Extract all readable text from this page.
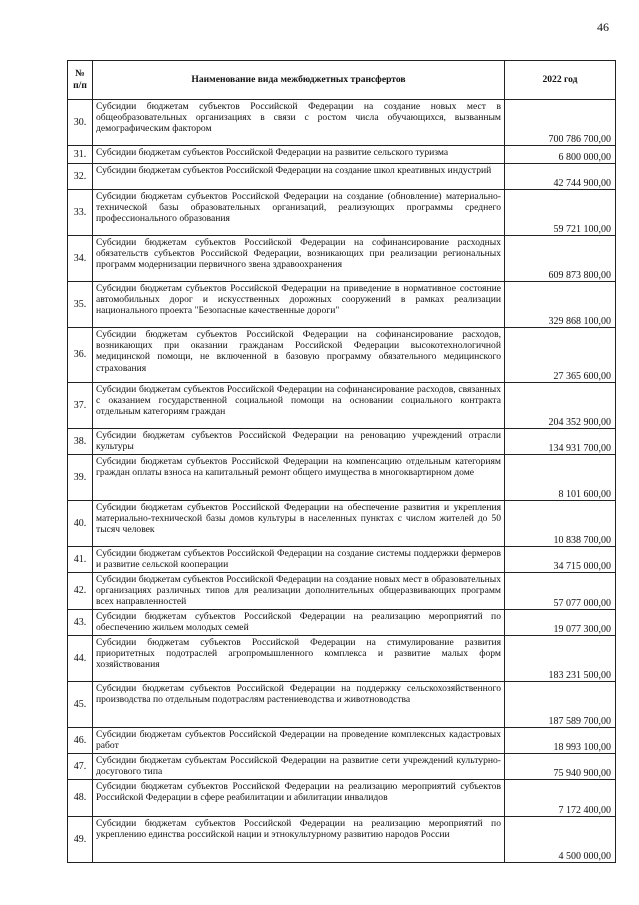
46
№ п/п	Наименование вида межбюджетных трансфертов	2022 год
30.	Субсидии бюджетам субъектов Российской Федерации на создание новых мест в общеобразовательных организациях в связи с ростом числа обучающихся, вызванным демографическим фактором	700 786 700,00
31.	Субсидии бюджетам субъектов Российской Федерации на развитие сельского туризма	6 800 000,00
32.	Субсидии бюджетам субъектов Российской Федерации на создание школ креативных индустрий	42 744 900,00
33.	Субсидии бюджетам субъектов Российской Федерации на создание (обновление) материально-технической базы образовательных организаций, реализующих программы среднего профессионального образования	59 721 100,00
34.	Субсидии бюджетам субъектов Российской Федерации на софинансирование расходных обязательств субъектов Российской Федерации, возникающих при реализации региональных программ модернизации первичного звена здравоохранения	609 873 800,00
35.	Субсидии бюджетам субъектов Российской Федерации на приведение в нормативное состояние автомобильных дорог и искусственных дорожных сооружений в рамках реализации национального проекта "Безопасные качественные дороги"	329 868 100,00
36.	Субсидии бюджетам субъектов Российской Федерации на софинансирование расходов, возникающих при оказании гражданам Российской Федерации высокотехнологичной медицинской помощи, не включенной в базовую программу обязательного медицинского страхования	27 365 600,00
37.	Субсидии бюджетам субъектов Российской Федерации на софинансирование расходов, связанных с оказанием государственной социальной помощи на основании социального контракта отдельным категориям граждан	204 352 900,00
38.	Субсидии бюджетам субъектов Российской Федерации на реновацию учреждений отрасли культуры	134 931 700,00
39.	Субсидии бюджетам субъектов Российской Федерации на компенсацию отдельным категориям граждан оплаты взноса на капитальный ремонт общего имущества в многоквартирном доме	8 101 600,00
40.	Субсидии бюджетам субъектов Российской Федерации на обеспечение развития и укрепления материально-технической базы домов культуры в населенных пунктах с числом жителей до 50 тысяч человек	10 838 700,00
41.	Субсидии бюджетам субъектов Российской Федерации на создание системы поддержки фермеров и развитие сельской кооперации	34 715 000,00
42.	Субсидии бюджетам субъектов Российской Федерации на создание новых мест в образовательных организациях различных типов для реализации дополнительных общеразвивающих программ всех направленностей	57 077 000,00
43.	Субсидии бюджетам субъектов Российской Федерации на реализацию мероприятий по обеспечению жильем молодых семей	19 077 300,00
44.	Субсидии бюджетам субъектов Российской Федерации на стимулирование развития приоритетных подотраслей агропромышленного комплекса и развитие малых форм хозяйствования	183 231 500,00
45.	Субсидии бюджетам субъектов Российской Федерации на поддержку сельскохозяйственного производства по отдельным подотраслям растениеводства и животноводства	187 589 700,00
46.	Субсидии бюджетам субъектов Российской Федерации на проведение комплексных кадастровых работ	18 993 100,00
47.	Субсидии бюджетам субъектам Российской Федерации на развитие сети учреждений культурно-досугового типа	75 940 900,00
48.	Субсидии бюджетам субъектов Российской Федерации на реализацию мероприятий субъектов Российской Федерации в сфере реабилитации и абилитации инвалидов	7 172 400,00
49.	Субсидии бюджетам субъектов Российской Федерации на реализацию мероприятий по укреплению единства российской нации и этнокультурному развитию народов России	4 500 000,00
